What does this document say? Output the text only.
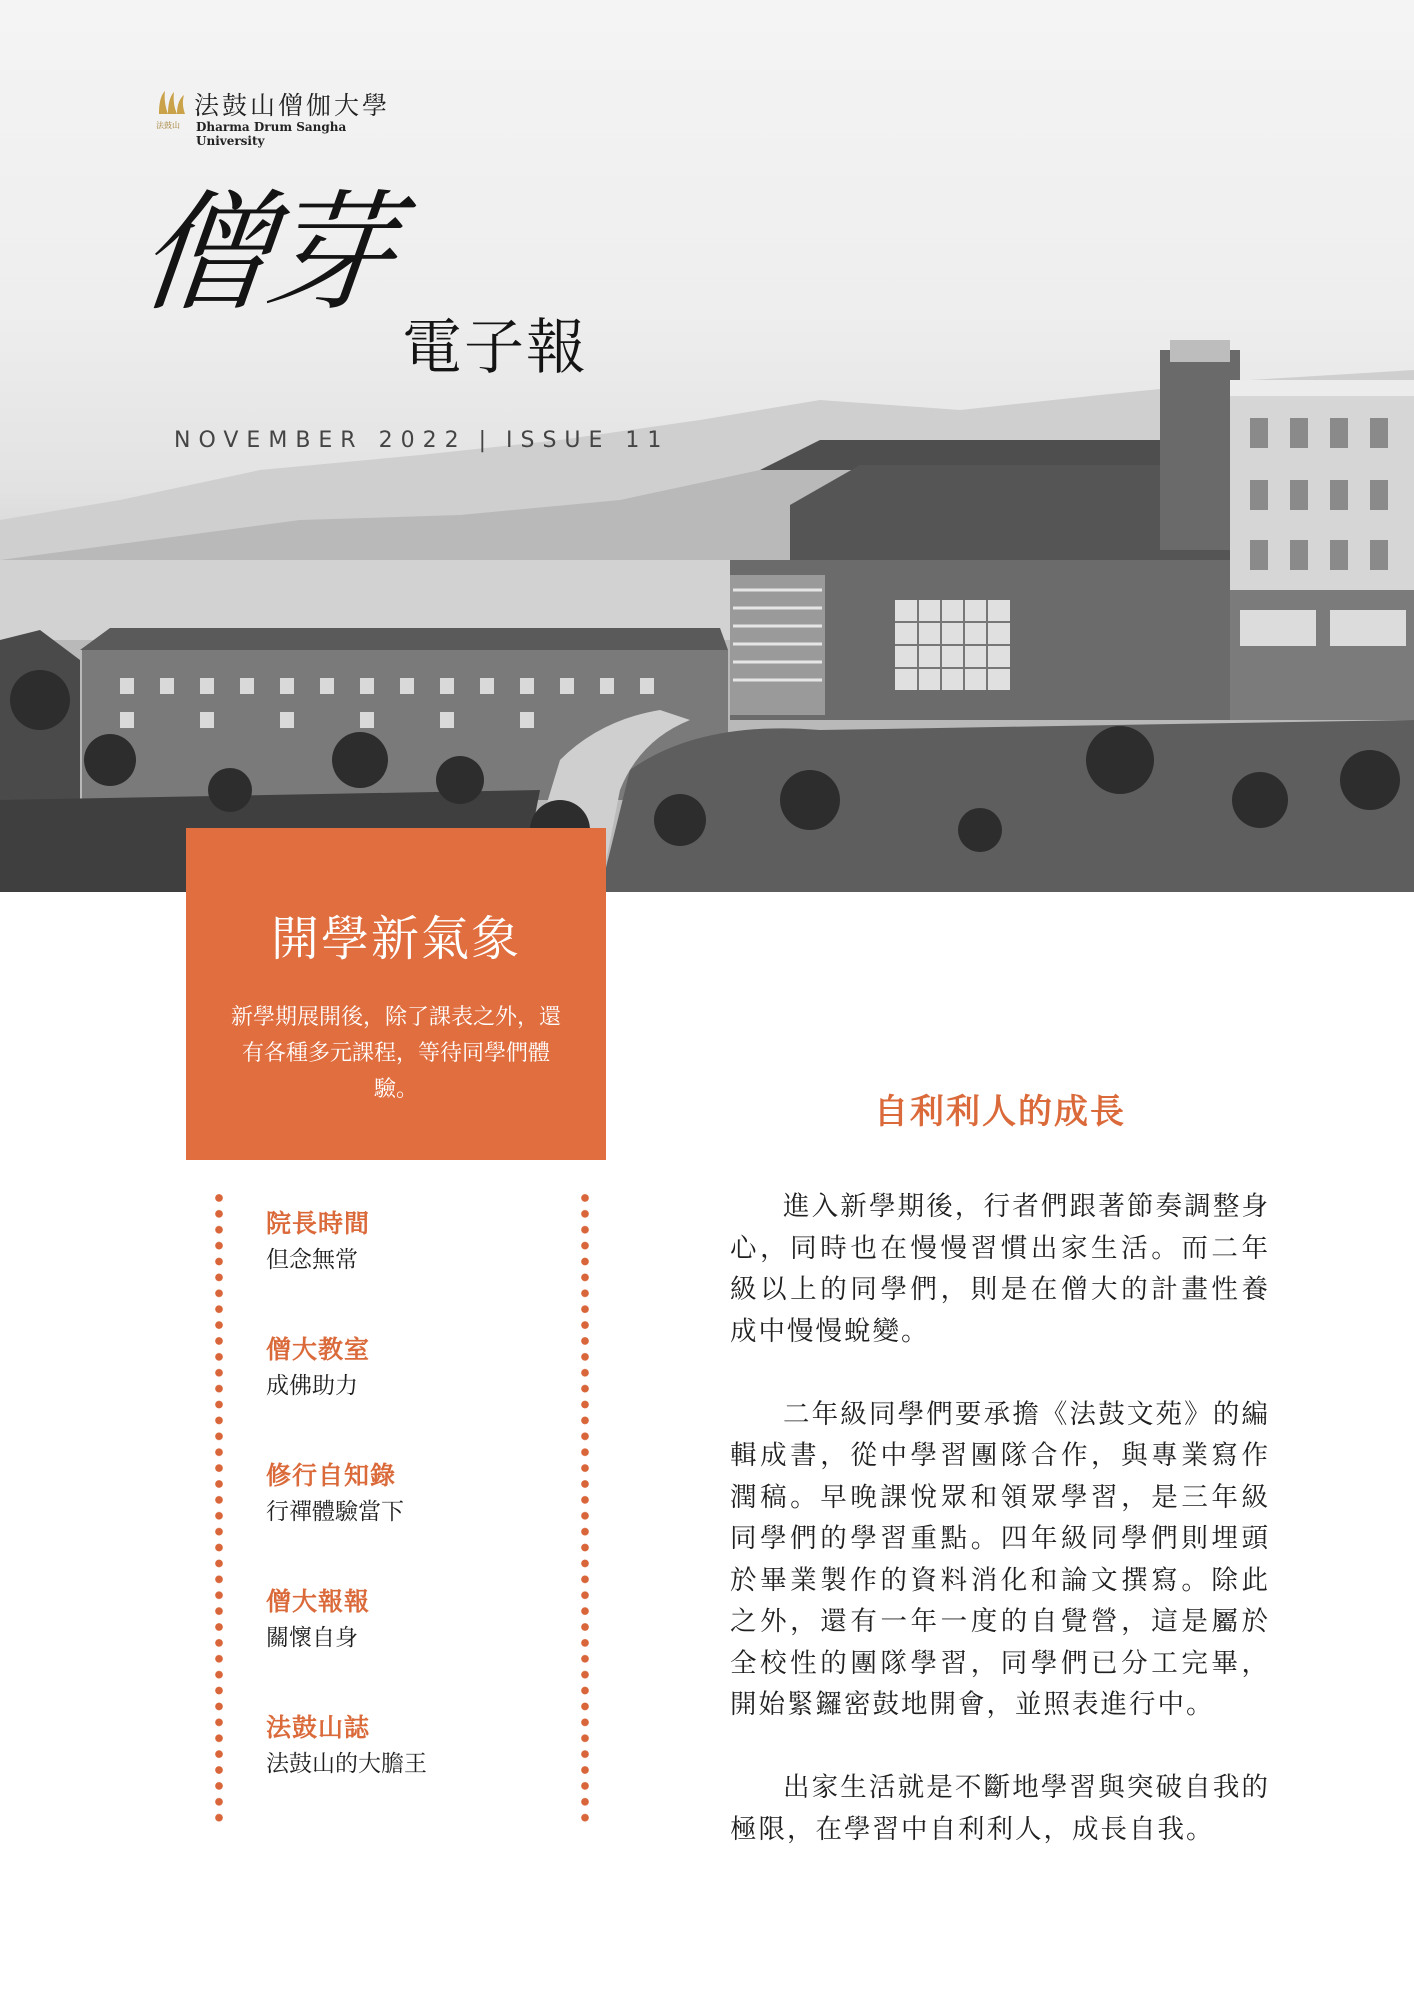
法鼓山僧伽大學
法鼓山 Dharma Drum Sangha University
僧芽
電子報
NOVEMBER 2022 | ISSUE 11
開學新氣象
新學期展開後，除了課表之外，還有各種多元課程，等待同學們體驗。
院長時間
但念無常
僧大教室
成佛助力
修行自知錄
行禪體驗當下
僧大報報
關懷自身
法鼓山誌
法鼓山的大膽王
自利利人的成長

進入新學期後，行者們跟著節奏調整身心，同時也在慢慢習慣出家生活。而二年級以上的同學們，則是在僧大的計畫性養成中慢慢蛻變。

二年級同學們要承擔《法鼓文苑》的編輯成書，從中學習團隊合作，與專業寫作潤稿。早晚課悅眾和領眾學習，是三年級同學們的學習重點。四年級同學們則埋頭於畢業製作的資料消化和論文撰寫。除此之外，還有一年一度的自覺營，這是屬於全校性的團隊學習，同學們已分工完畢，開始緊鑼密鼓地開會，並照表進行中。

出家生活就是不斷地學習與突破自我的極限，在學習中自利利人，成長自我。
